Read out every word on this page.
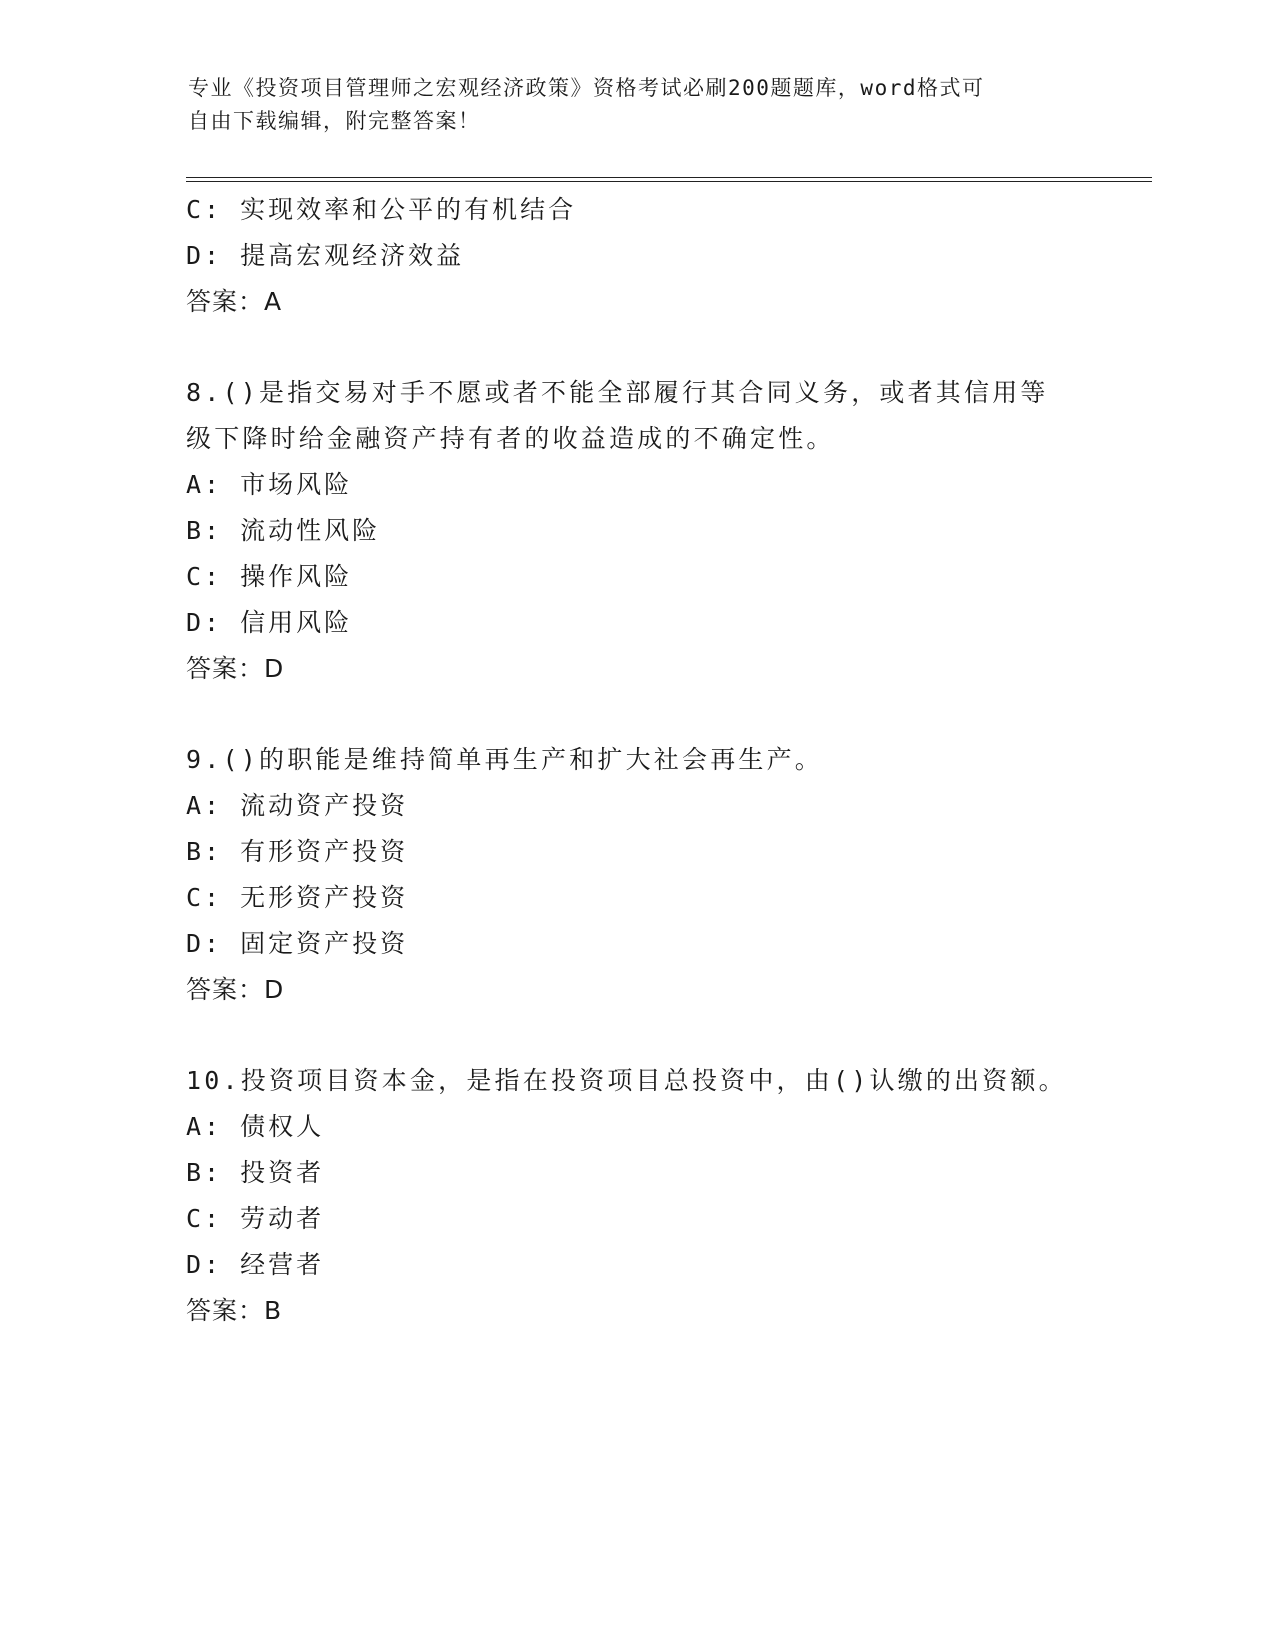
专业《投资项目管理师之宏观经济政策》资格考试必刷200题题库，word格式可
自由下载编辑，附完整答案！
C: 实现效率和公平的有机结合
D: 提高宏观经济效益
答案：A
8.()是指交易对手不愿或者不能全部履行其合同义务，或者其信用等
级下降时给金融资产持有者的收益造成的不确定性。
A: 市场风险
B: 流动性风险
C: 操作风险
D: 信用风险
答案：D
9.()的职能是维持简单再生产和扩大社会再生产。
A: 流动资产投资
B: 有形资产投资
C: 无形资产投资
D: 固定资产投资
答案：D
10.投资项目资本金，是指在投资项目总投资中，由()认缴的出资额。
A: 债权人
B: 投资者
C: 劳动者
D: 经营者
答案：B
